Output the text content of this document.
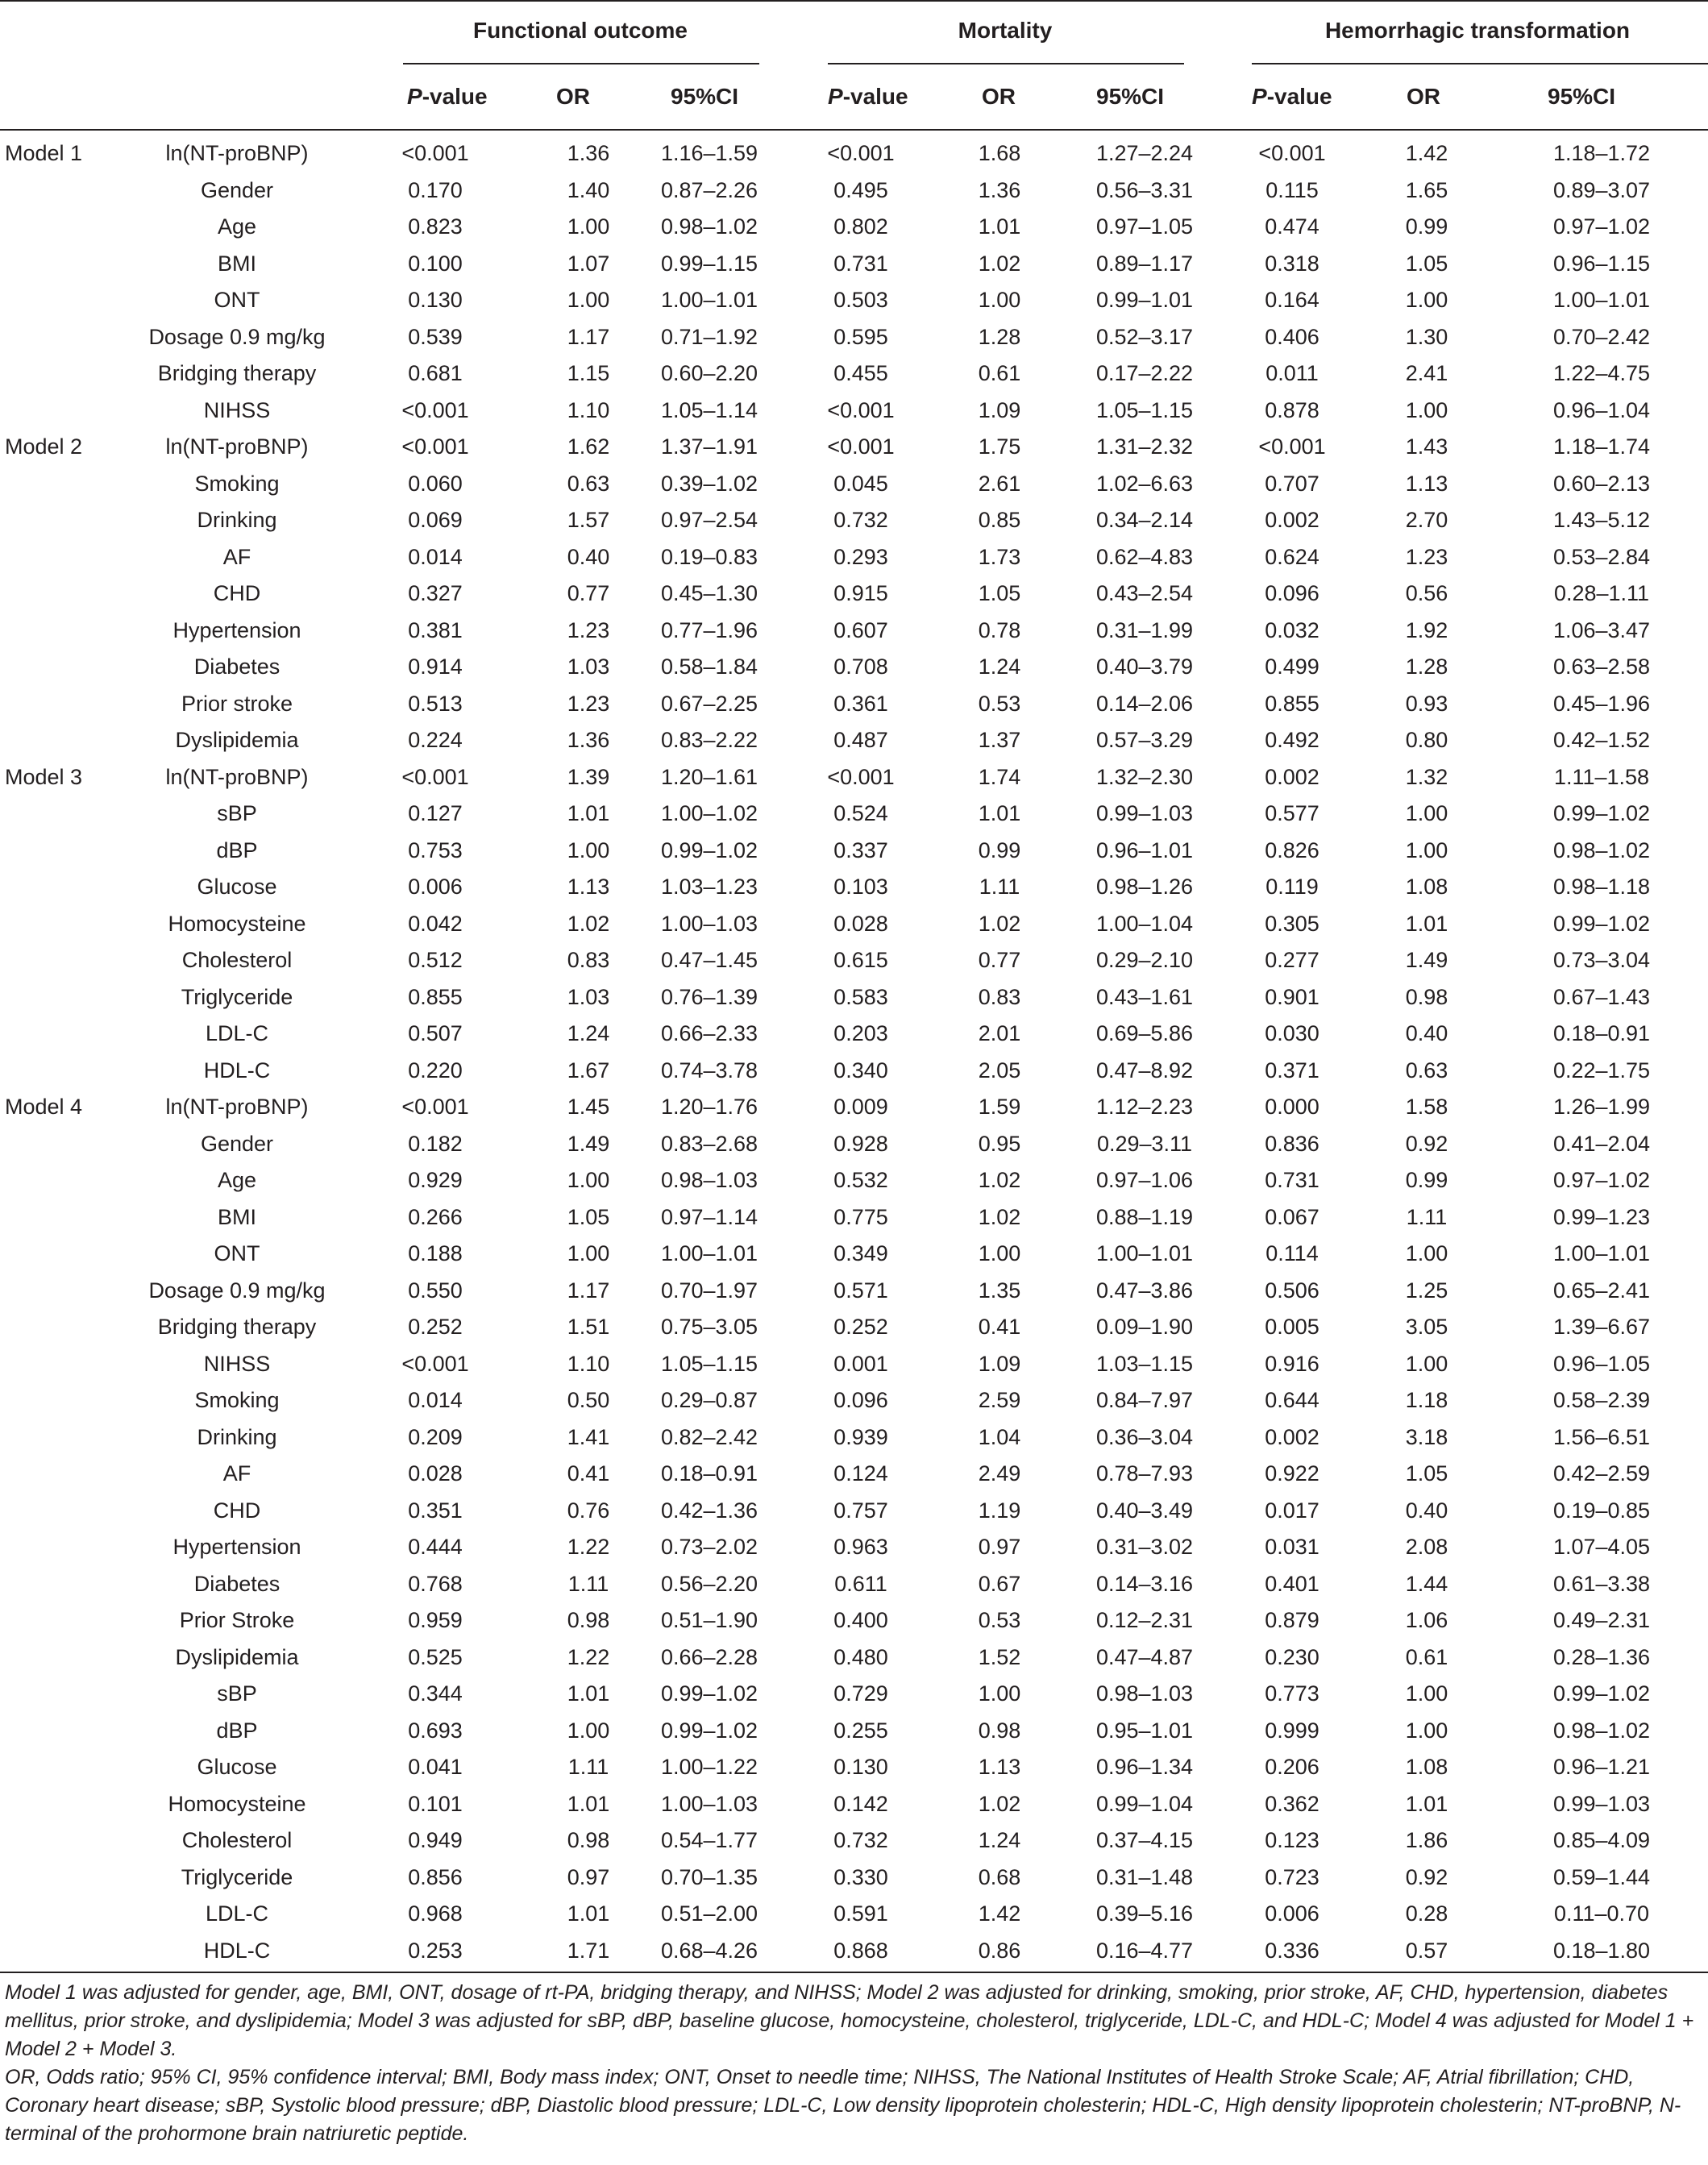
Functional outcome	Mortality	Hemorrhagic transformation
P-value	OR	95%CI	P-value	OR	95%CI	P-value	OR	95%CI
Model 1	ln(NT-proBNP)	<0.001	1.36	1.16–1.59	<0.001	1.68	1.27–2.24	<0.001	1.42	1.18–1.72
Gender	0.170	1.40	0.87–2.26	0.495	1.36	0.56–3.31	0.115	1.65	0.89–3.07
Age	0.823	1.00	0.98–1.02	0.802	1.01	0.97–1.05	0.474	0.99	0.97–1.02
BMI	0.100	1.07	0.99–1.15	0.731	1.02	0.89–1.17	0.318	1.05	0.96–1.15
ONT	0.130	1.00	1.00–1.01	0.503	1.00	0.99–1.01	0.164	1.00	1.00–1.01
Dosage 0.9 mg/kg	0.539	1.17	0.71–1.92	0.595	1.28	0.52–3.17	0.406	1.30	0.70–2.42
Bridging therapy	0.681	1.15	0.60–2.20	0.455	0.61	0.17–2.22	0.011	2.41	1.22–4.75
NIHSS	<0.001	1.10	1.05–1.14	<0.001	1.09	1.05–1.15	0.878	1.00	0.96–1.04
Model 2	ln(NT-proBNP)	<0.001	1.62	1.37–1.91	<0.001	1.75	1.31–2.32	<0.001	1.43	1.18–1.74
Smoking	0.060	0.63	0.39–1.02	0.045	2.61	1.02–6.63	0.707	1.13	0.60–2.13
Drinking	0.069	1.57	0.97–2.54	0.732	0.85	0.34–2.14	0.002	2.70	1.43–5.12
AF	0.014	0.40	0.19–0.83	0.293	1.73	0.62–4.83	0.624	1.23	0.53–2.84
CHD	0.327	0.77	0.45–1.30	0.915	1.05	0.43–2.54	0.096	0.56	0.28–1.11
Hypertension	0.381	1.23	0.77–1.96	0.607	0.78	0.31–1.99	0.032	1.92	1.06–3.47
Diabetes	0.914	1.03	0.58–1.84	0.708	1.24	0.40–3.79	0.499	1.28	0.63–2.58
Prior stroke	0.513	1.23	0.67–2.25	0.361	0.53	0.14–2.06	0.855	0.93	0.45–1.96
Dyslipidemia	0.224	1.36	0.83–2.22	0.487	1.37	0.57–3.29	0.492	0.80	0.42–1.52
Model 3	ln(NT-proBNP)	<0.001	1.39	1.20–1.61	<0.001	1.74	1.32–2.30	0.002	1.32	1.11–1.58
sBP	0.127	1.01	1.00–1.02	0.524	1.01	0.99–1.03	0.577	1.00	0.99–1.02
dBP	0.753	1.00	0.99–1.02	0.337	0.99	0.96–1.01	0.826	1.00	0.98–1.02
Glucose	0.006	1.13	1.03–1.23	0.103	1.11	0.98–1.26	0.119	1.08	0.98–1.18
Homocysteine	0.042	1.02	1.00–1.03	0.028	1.02	1.00–1.04	0.305	1.01	0.99–1.02
Cholesterol	0.512	0.83	0.47–1.45	0.615	0.77	0.29–2.10	0.277	1.49	0.73–3.04
Triglyceride	0.855	1.03	0.76–1.39	0.583	0.83	0.43–1.61	0.901	0.98	0.67–1.43
LDL-C	0.507	1.24	0.66–2.33	0.203	2.01	0.69–5.86	0.030	0.40	0.18–0.91
HDL-C	0.220	1.67	0.74–3.78	0.340	2.05	0.47–8.92	0.371	0.63	0.22–1.75
Model 4	ln(NT-proBNP)	<0.001	1.45	1.20–1.76	0.009	1.59	1.12–2.23	0.000	1.58	1.26–1.99
Gender	0.182	1.49	0.83–2.68	0.928	0.95	0.29–3.11	0.836	0.92	0.41–2.04
Age	0.929	1.00	0.98–1.03	0.532	1.02	0.97–1.06	0.731	0.99	0.97–1.02
BMI	0.266	1.05	0.97–1.14	0.775	1.02	0.88–1.19	0.067	1.11	0.99–1.23
ONT	0.188	1.00	1.00–1.01	0.349	1.00	1.00–1.01	0.114	1.00	1.00–1.01
Dosage 0.9 mg/kg	0.550	1.17	0.70–1.97	0.571	1.35	0.47–3.86	0.506	1.25	0.65–2.41
Bridging therapy	0.252	1.51	0.75–3.05	0.252	0.41	0.09–1.90	0.005	3.05	1.39–6.67
NIHSS	<0.001	1.10	1.05–1.15	0.001	1.09	1.03–1.15	0.916	1.00	0.96–1.05
Smoking	0.014	0.50	0.29–0.87	0.096	2.59	0.84–7.97	0.644	1.18	0.58–2.39
Drinking	0.209	1.41	0.82–2.42	0.939	1.04	0.36–3.04	0.002	3.18	1.56–6.51
AF	0.028	0.41	0.18–0.91	0.124	2.49	0.78–7.93	0.922	1.05	0.42–2.59
CHD	0.351	0.76	0.42–1.36	0.757	1.19	0.40–3.49	0.017	0.40	0.19–0.85
Hypertension	0.444	1.22	0.73–2.02	0.963	0.97	0.31–3.02	0.031	2.08	1.07–4.05
Diabetes	0.768	1.11	0.56–2.20	0.611	0.67	0.14–3.16	0.401	1.44	0.61–3.38
Prior Stroke	0.959	0.98	0.51–1.90	0.400	0.53	0.12–2.31	0.879	1.06	0.49–2.31
Dyslipidemia	0.525	1.22	0.66–2.28	0.480	1.52	0.47–4.87	0.230	0.61	0.28–1.36
sBP	0.344	1.01	0.99–1.02	0.729	1.00	0.98–1.03	0.773	1.00	0.99–1.02
dBP	0.693	1.00	0.99–1.02	0.255	0.98	0.95–1.01	0.999	1.00	0.98–1.02
Glucose	0.041	1.11	1.00–1.22	0.130	1.13	0.96–1.34	0.206	1.08	0.96–1.21
Homocysteine	0.101	1.01	1.00–1.03	0.142	1.02	0.99–1.04	0.362	1.01	0.99–1.03
Cholesterol	0.949	0.98	0.54–1.77	0.732	1.24	0.37–4.15	0.123	1.86	0.85–4.09
Triglyceride	0.856	0.97	0.70–1.35	0.330	0.68	0.31–1.48	0.723	0.92	0.59–1.44
LDL-C	0.968	1.01	0.51–2.00	0.591	1.42	0.39–5.16	0.006	0.28	0.11–0.70
HDL-C	0.253	1.71	0.68–4.26	0.868	0.86	0.16–4.77	0.336	0.57	0.18–1.80

Model 1 was adjusted for gender, age, BMI, ONT, dosage of rt-PA, bridging therapy, and NIHSS; Model 2 was adjusted for drinking, smoking, prior stroke, AF, CHD, hypertension, diabetes mellitus, prior stroke, and dyslipidemia; Model 3 was adjusted for sBP, dBP, baseline glucose, homocysteine, cholesterol, triglyceride, LDL-C, and HDL-C; Model 4 was adjusted for Model 1 + Model 2 + Model 3.

OR, Odds ratio; 95% CI, 95% confidence interval; BMI, Body mass index; ONT, Onset to needle time; NIHSS, The National Institutes of Health Stroke Scale; AF, Atrial fibrillation; CHD, Coronary heart disease; sBP, Systolic blood pressure; dBP, Diastolic blood pressure; LDL-C, Low density lipoprotein cholesterin; HDL-C, High density lipoprotein cholesterin; NT-proBNP, N-terminal of the prohormone brain natriuretic peptide.
